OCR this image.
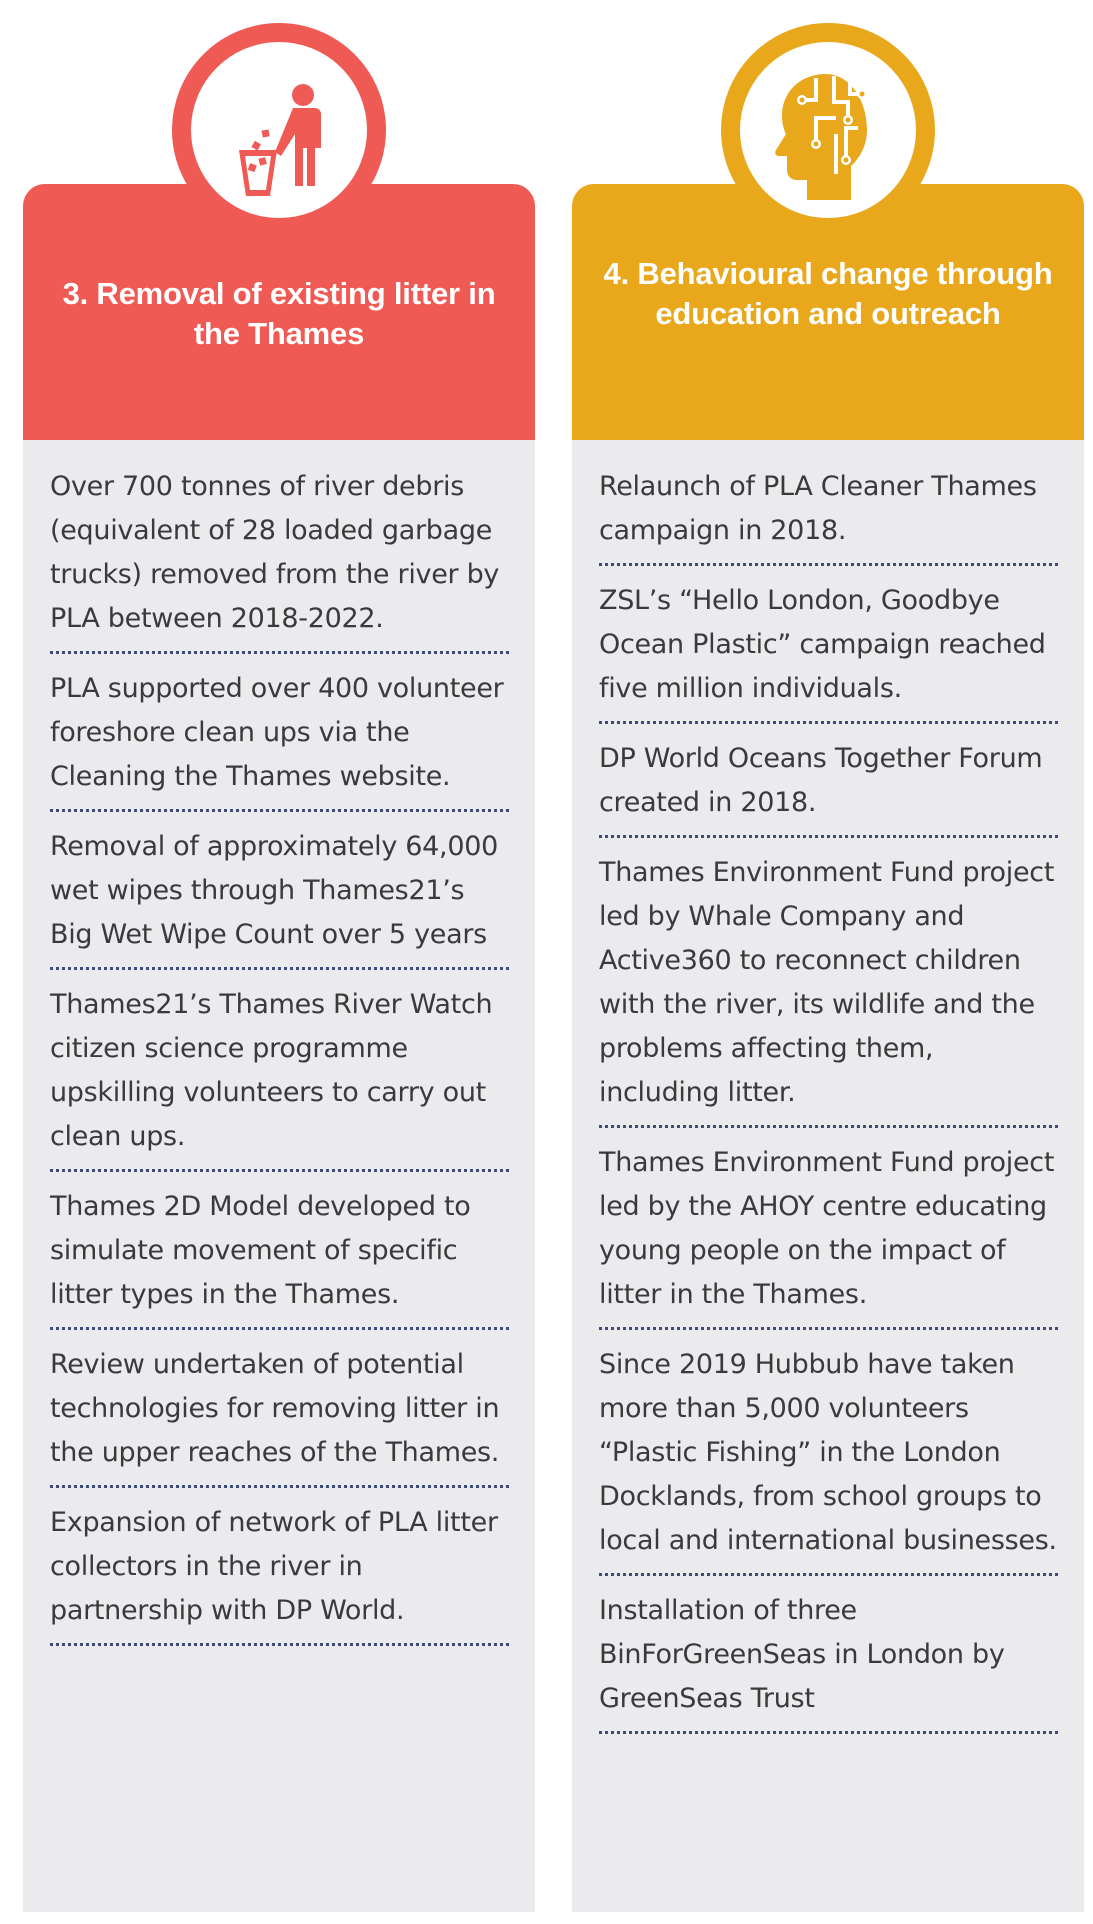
3. Removal of existing litter in the Thames
Over 700 tonnes of river debris (equivalent of 28 loaded garbage trucks) removed from the river by PLA between 2018-2022.
PLA supported over 400 volunteer foreshore clean ups via the Cleaning the Thames website.
Removal of approximately 64,000 wet wipes through Thames21’s Big Wet Wipe Count over 5 years
Thames21’s Thames River Watch citizen science programme upskilling volunteers to carry out clean ups.
Thames 2D Model developed to simulate movement of specific litter types in the Thames.
Review undertaken of potential technologies for removing litter in the upper reaches of the Thames.
Expansion of network of PLA litter collectors in the river in partnership with DP World.
4. Behavioural change through education and outreach
Relaunch of PLA Cleaner Thames campaign in 2018.
ZSL’s “Hello London, Goodbye Ocean Plastic” campaign reached five million individuals.
DP World Oceans Together Forum created in 2018.
Thames Environment Fund project led by Whale Company and Active360 to reconnect children with the river, its wildlife and the problems affecting them, including litter.
Thames Environment Fund project led by the AHOY centre educating young people on the impact of litter in the Thames.
Since 2019 Hubbub have taken more than 5,000 volunteers “Plastic Fishing” in the London Docklands, from school groups to local and international businesses.
Installation of three BinForGreenSeas in London by GreenSeas Trust
